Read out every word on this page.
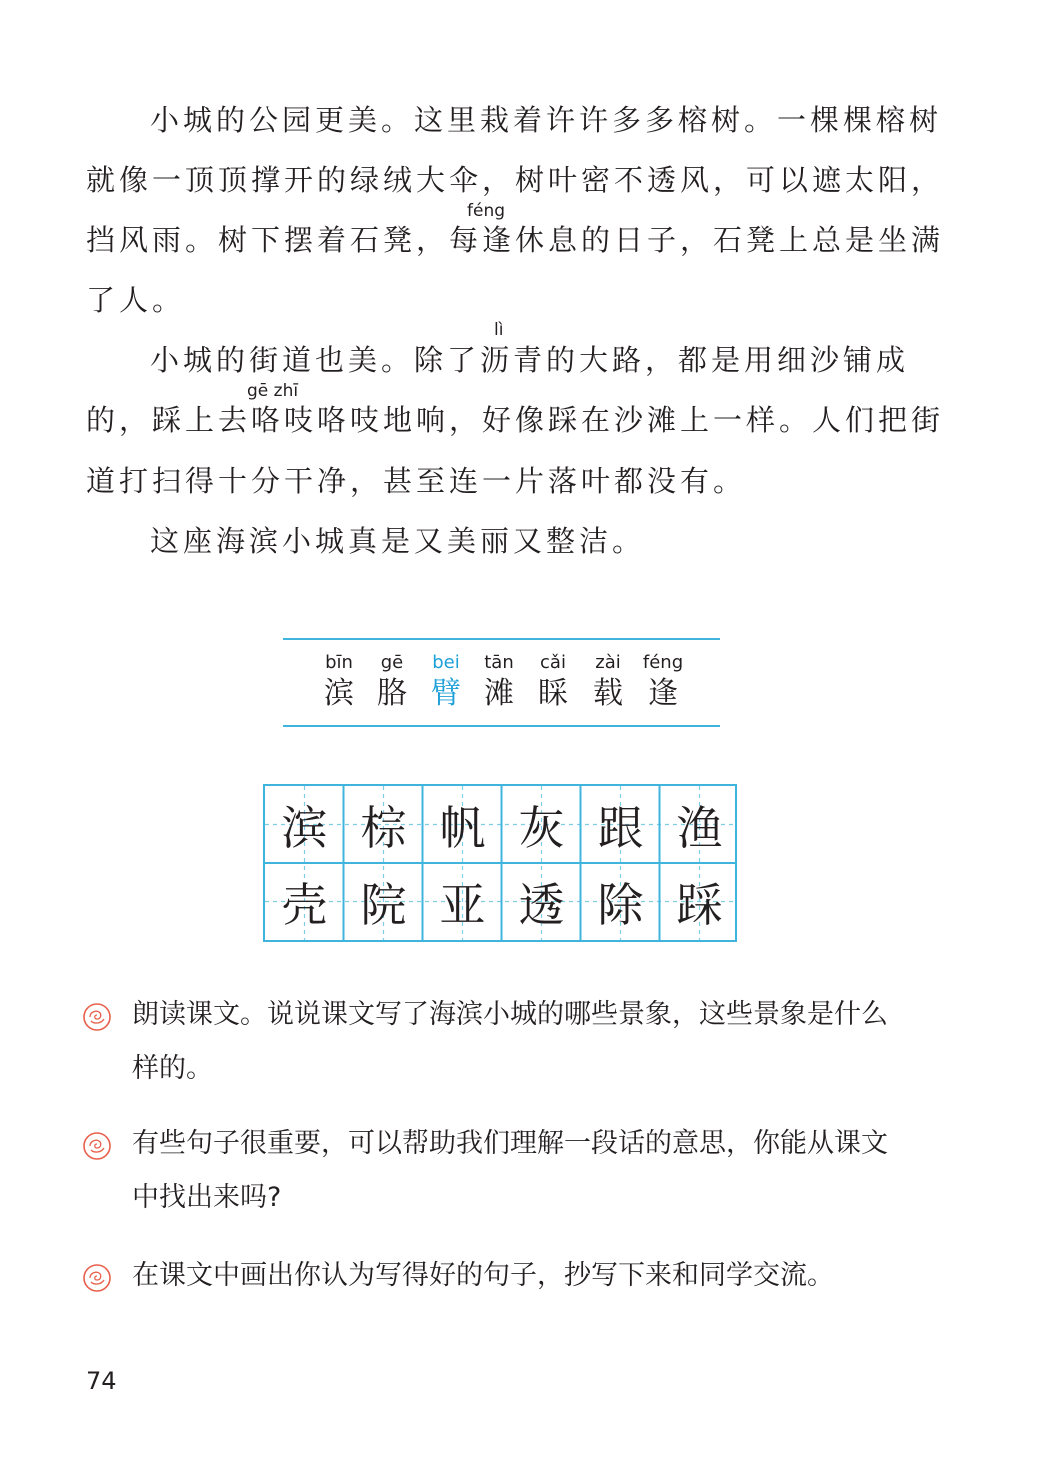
小城的公园更美。这里栽着许许多多榕树。一棵棵榕树
就像一顶顶撑开的绿绒大伞，树叶密不透风，可以遮太阳，
féng
挡风雨。树下摆着石凳，每逢休息的日子，石凳上总是坐满
了人。
lì
小城的街道也美。除了沥青的大路，都是用细沙铺成
gē zhī
的，踩上去咯吱咯吱地响，好像踩在沙滩上一样。人们把街
道打扫得十分干净，甚至连一片落叶都没有。
这座海滨小城真是又美丽又整洁。
bīn
滨
gē
胳
bei
臂
tān
滩
cǎi
睬
zài
载
féng
逢
滨 棕 帆 灰 跟 渔
壳 院 亚 透 除 踩
朗读课文。说说课文写了海滨小城的哪些景象，这些景象是什么
样的。
有些句子很重要，可以帮助我们理解一段话的意思，你能从课文
中找出来吗?
在课文中画出你认为写得好的句子，抄写下来和同学交流。
74
